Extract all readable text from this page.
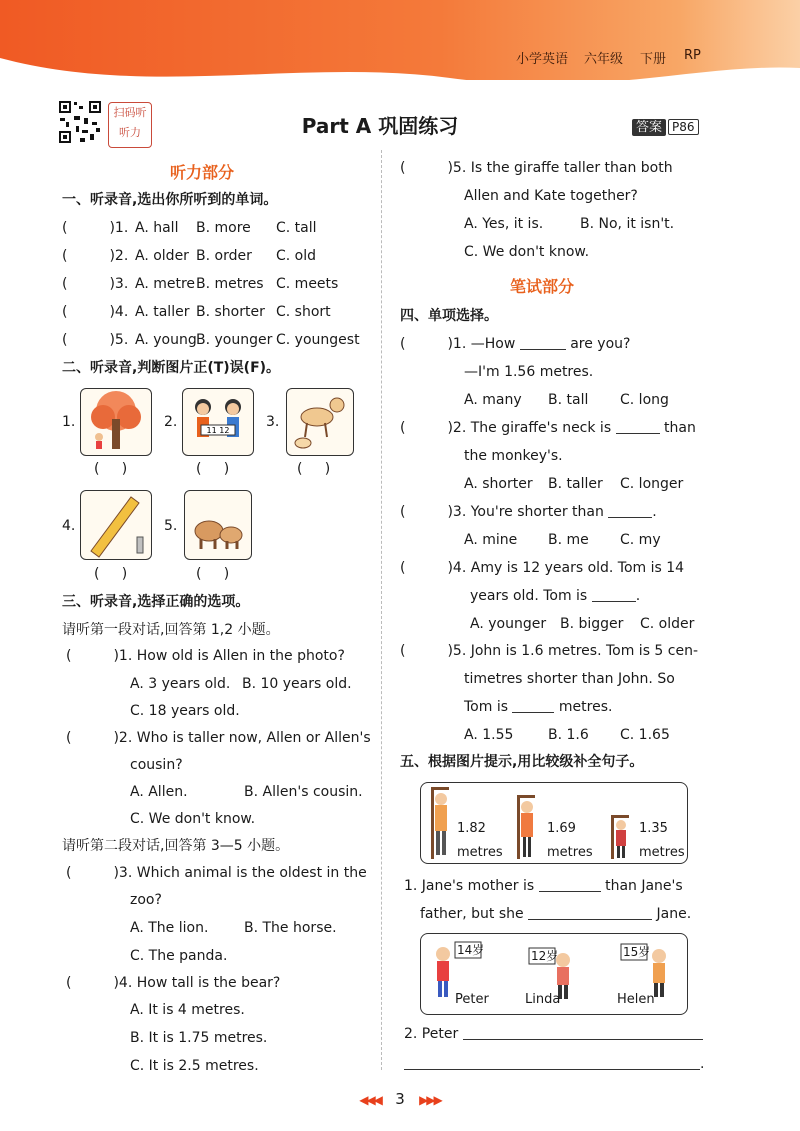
小学英语 六年级 下册 RP
扫码听听力	Part A 巩固练习	答案 P86
听力部分
一、听录音,选出你所听到的单词。
(	)1. A. hall B. more C. tall
(	)2. A. older B. order C. old
(	)3. A. metre B. metres C. meets
(	)4. A. taller B. shorter C. short
(	)5. A. young B. younger C. youngest
二、听录音,判断图片正(T)误(F)。
1.
(     )
2.
11 12
(     )
3.
(     )
4.
(     )
5.
(     )
三、听录音,选择正确的选项。
请听第一段对话,回答第 1,2 小题。
(	)1. How old is Allen in the photo?
A. 3 years old. B. 10 years old.
C. 18 years old.
(	)2. Who is taller now, Allen or Allen's
cousin?
A. Allen.	B. Allen's cousin.
C. We don't know.
请听第二段对话,回答第 3—5 小题。
(	)3. Which animal is the oldest in the
zoo?
A. The lion.	B. The horse.
C. The panda.
(	)4. How tall is the bear?
A. It is 4 metres.
B. It is 1.75 metres.
C. It is 2.5 metres.
(	)5. Is the giraffe taller than both
Allen and Kate together?
A. Yes, it is.	B. No, it isn't.
C. We don't know.
笔试部分
四、单项选择。
(	)1. —How	are you?
—I'm 1.56 metres.
A. many B. tall C. long
(	)2. The giraffe's neck is	than
the monkey's.
A. shorter B. taller C. longer
(	)3. You're shorter than	.
A. mine B. me C. my
(	)4. Amy is 12 years old. Tom is 14
years old. Tom is	.
A. younger B. bigger C. older
(	)5. John is 1.6 metres. Tom is 5 cen-
timetres shorter than John. So
Tom is	metres.
A. 1.55 B. 1.6 C. 1.65
五、根据图片提示,用比较级补全句子。
1.82
metres
1.69
metres
1.35
metres
1. Jane's mother is	than Jane's
father, but she	Jane.
14岁	12岁	15岁
Peter	Linda	Helen
2. Peter
.
◀◀◀ 3 ▶▶▶
